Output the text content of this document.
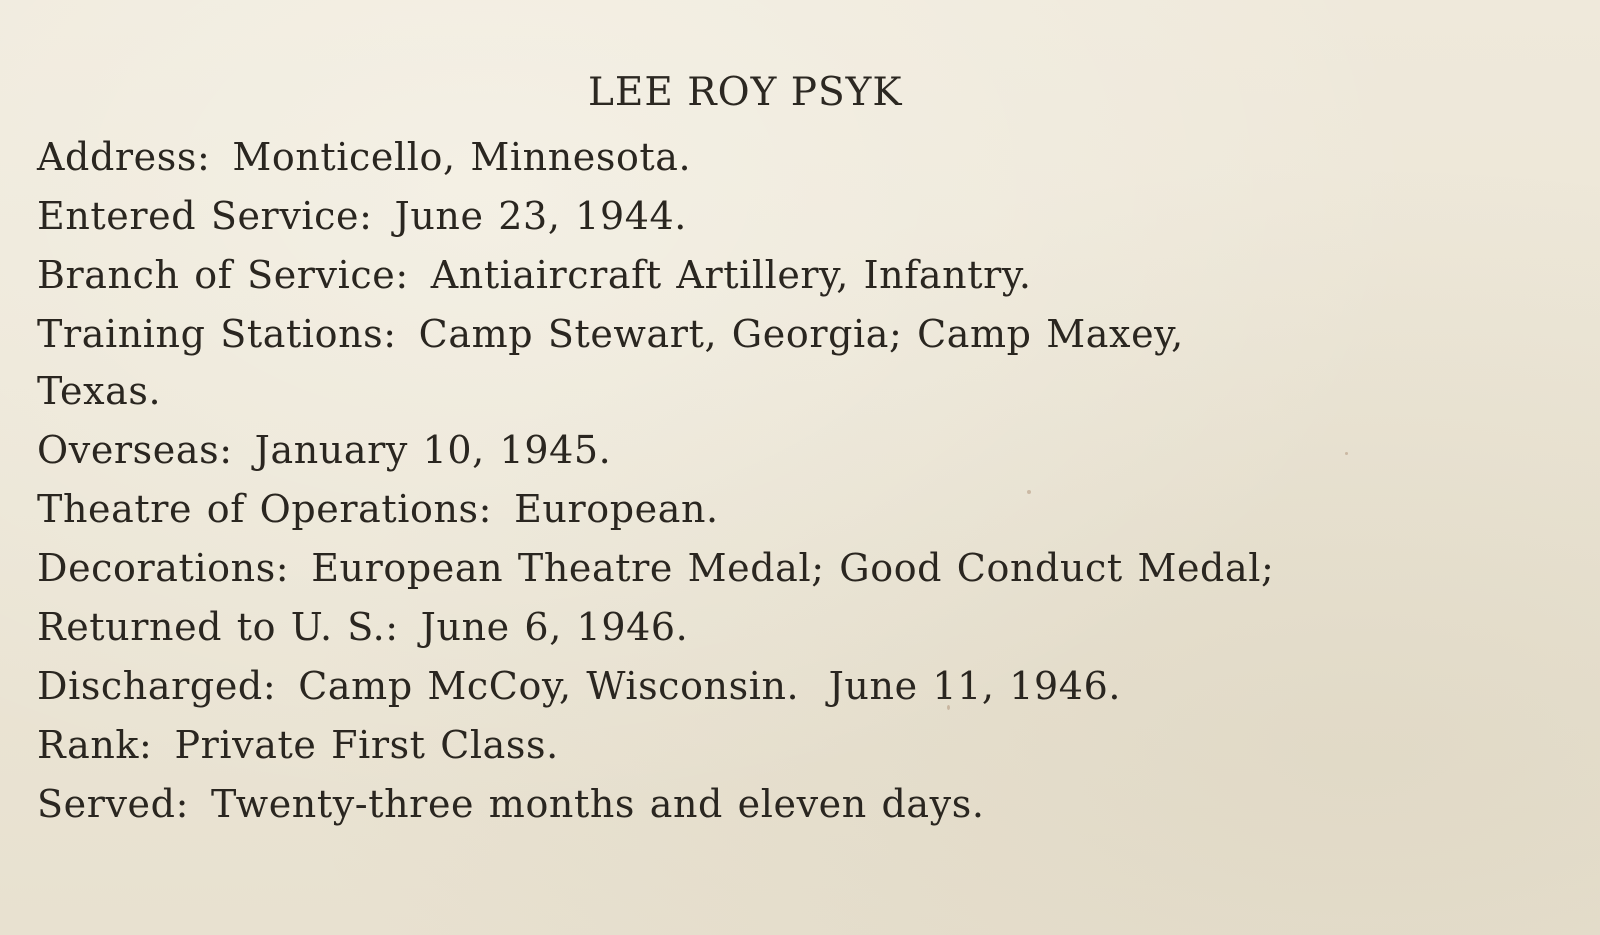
LEE ROY PSYK
Address: Monticello, Minnesota.
Entered Service: June 23, 1944.
Branch of Service: Antiaircraft Artillery, Infantry.
Training Stations: Camp Stewart, Georgia; Camp Maxey,
Texas.
Overseas: January 10, 1945.
Theatre of Operations: European.
Decorations: European Theatre Medal; Good Conduct Medal;
Returned to U. S.: June 6, 1946.
Discharged: Camp McCoy, Wisconsin.  June 11, 1946.
Rank: Private First Class.
Served: Twenty-three months and eleven days.
